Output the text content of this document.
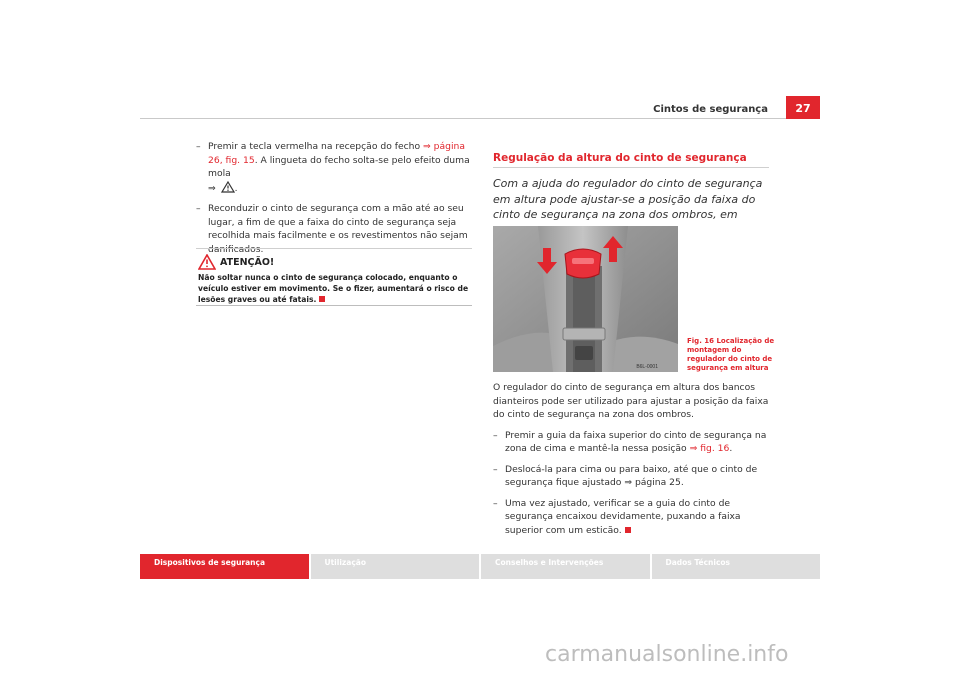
Cintos de segurança	27
– Premir a tecla vermelha na recepção do fecho ⇒ página 26, fig. 15. A lingueta do fecho solta-se pelo efeito duma mola
⇒ .
– Reconduzir o cinto de segurança com a mão até ao seu lugar, a fim de que a faixa do cinto de segurança seja recolhida mais facilmente e os revestimentos não sejam danificados.
ATENÇÃO!
Não soltar nunca o cinto de segurança colocado, enquanto o veículo estiver em movimento. Se o fizer, aumentará o risco de lesões graves ou até fatais.
Regulação da altura do cinto de segurança
Com a ajuda do regulador do cinto de segurança em altura pode ajustar-se a posição da faixa do cinto de segurança na zona dos ombros, em
B6L-0001
Fig. 16 Localização de montagem do regulador do cinto de segurança em altura

O regulador do cinto de segurança em altura dos bancos dianteiros pode ser utilizado para ajustar a posição da faixa do cinto de segurança na zona dos ombros.

– Premir a guia da faixa superior do cinto de segurança na zona de cima e mantê-la nessa posição ⇒ fig. 16.
– Deslocá-la para cima ou para baixo, até que o cinto de segurança fique ajustado ⇒ página 25.
– Uma vez ajustado, verificar se a guia do cinto de segurança encaixou devidamente, puxando a faixa superior com um esticão.
Dispositivos de segurança	Utilização	Conselhos e Intervenções	Dados Técnicos
carmanualsonline.info
